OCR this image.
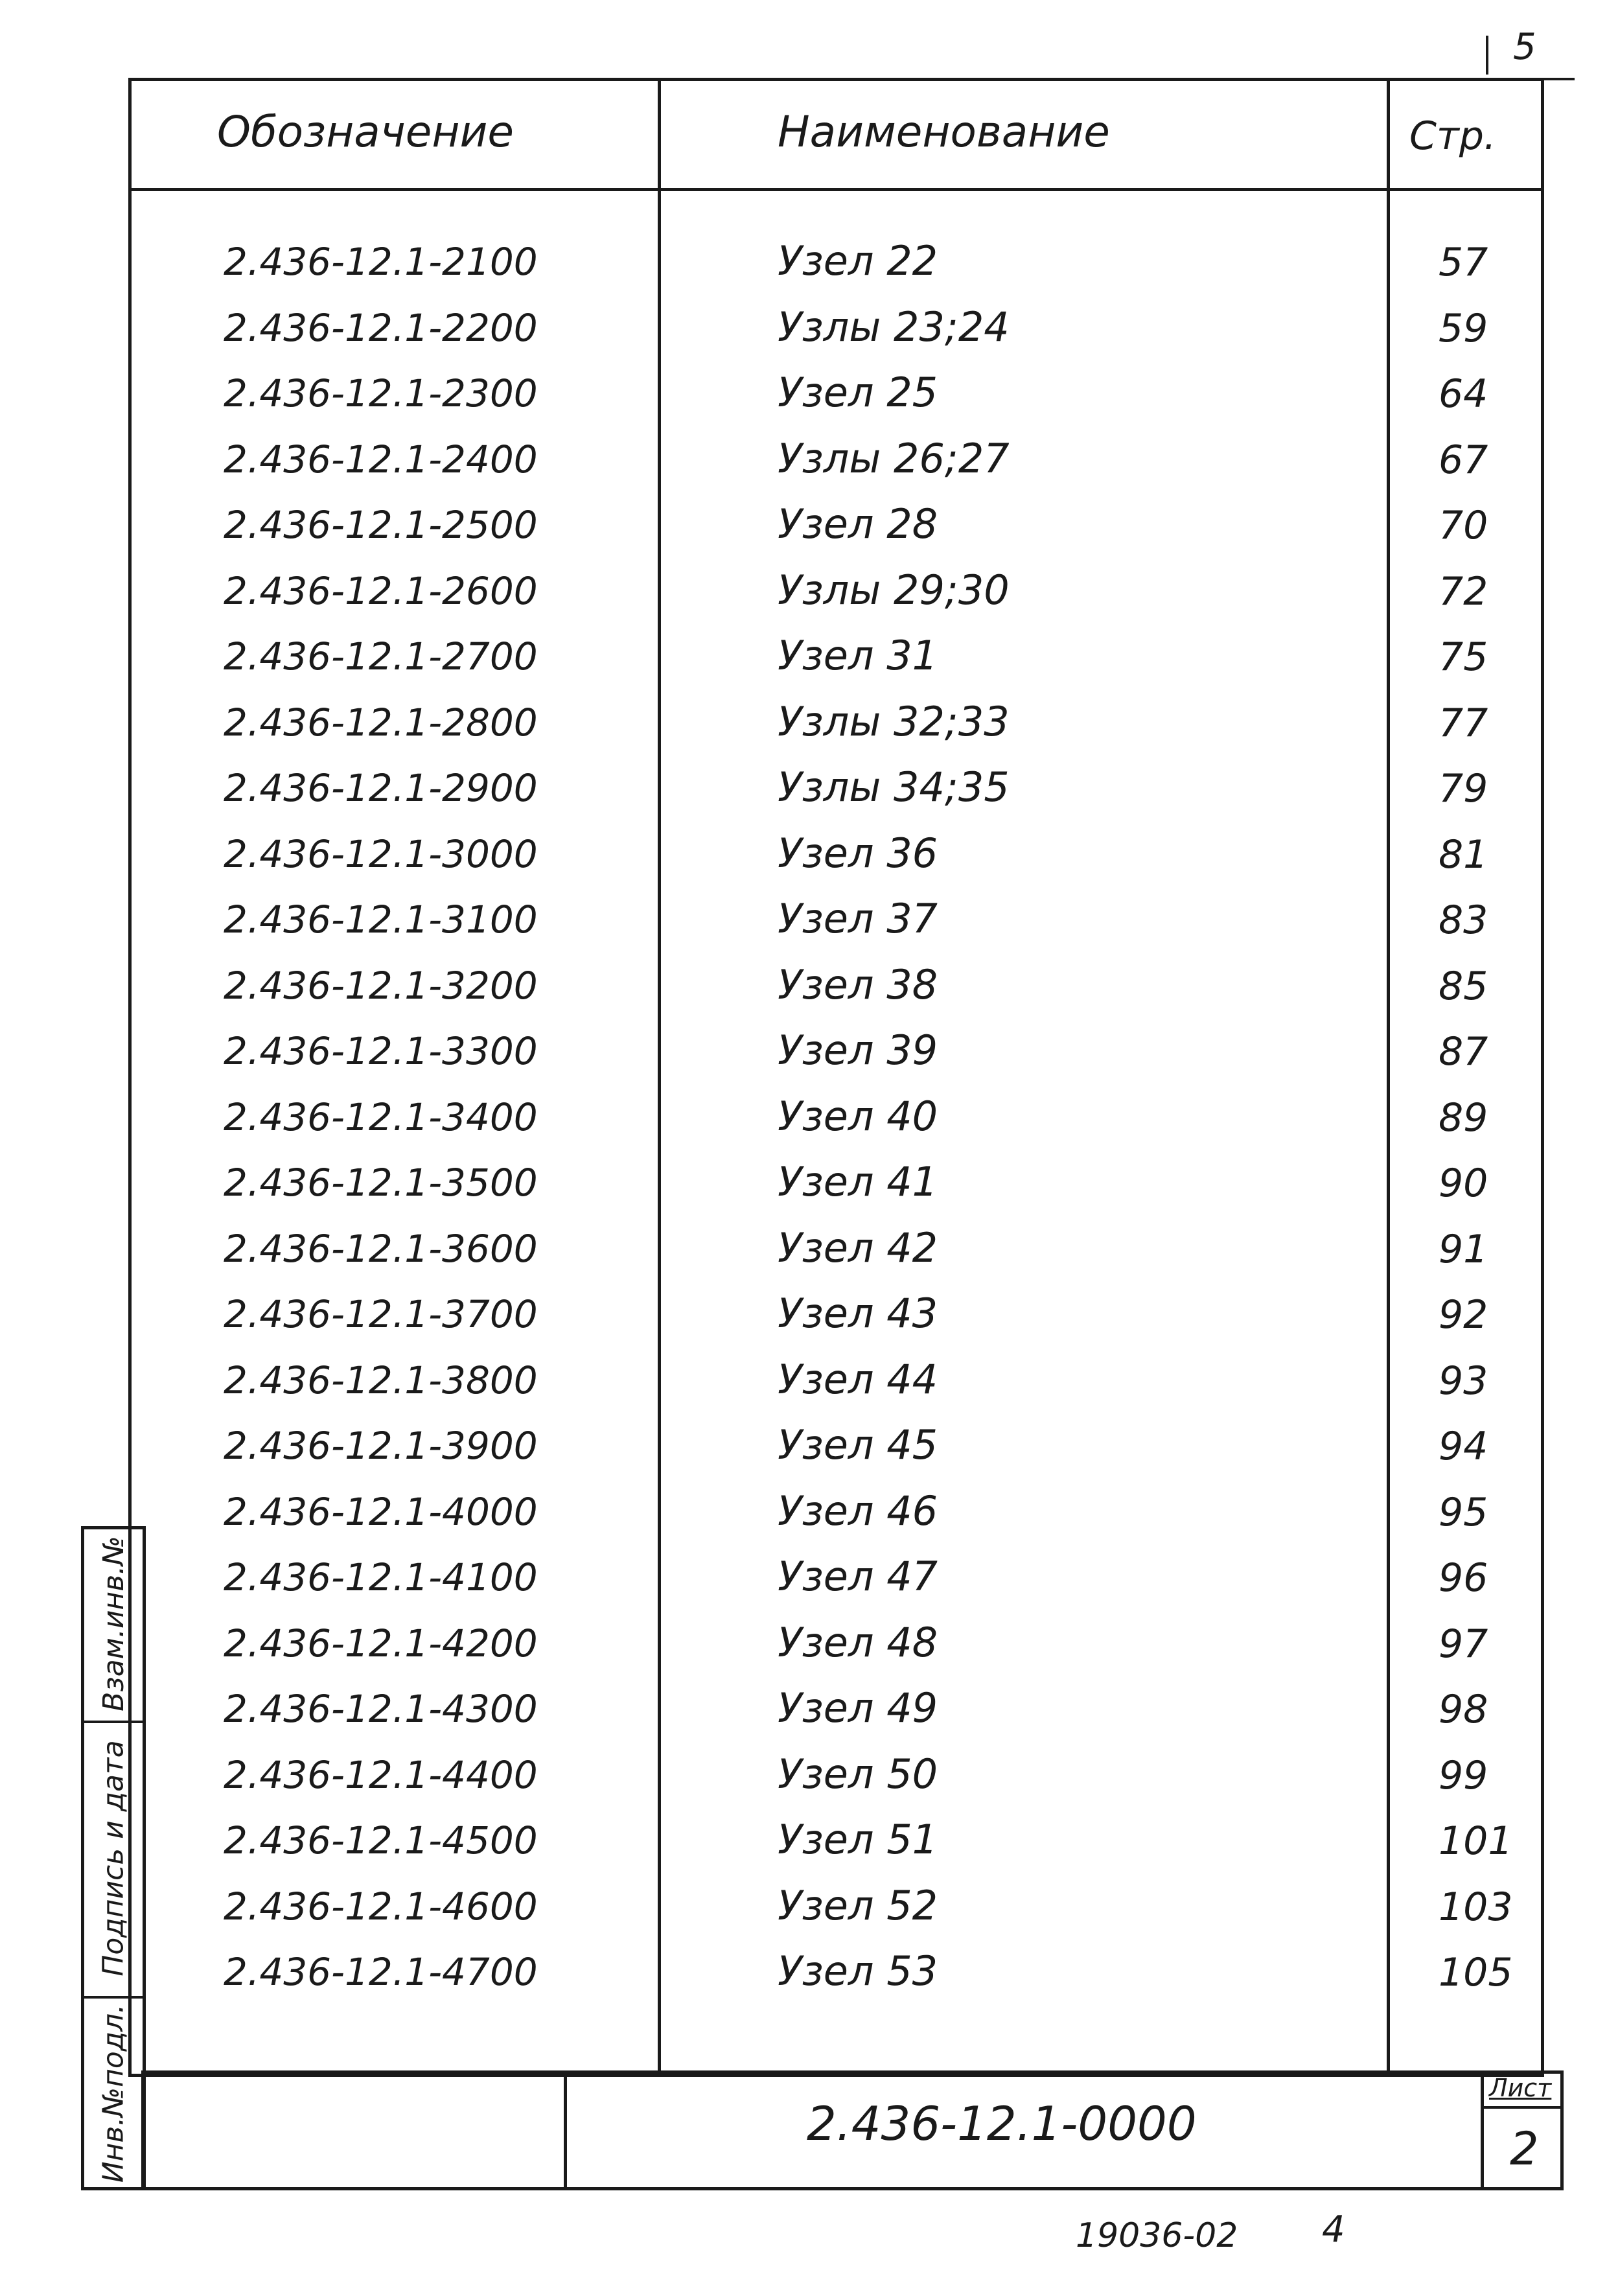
5
Обозначение	Наименование	Стр.
2.436-12.1-2100	Узел 22	57
2.436-12.1-2200	Узлы 23;24	59
2.436-12.1-2300	Узел 25	64
2.436-12.1-2400	Узлы 26;27	67
2.436-12.1-2500	Узел 28	70
2.436-12.1-2600	Узлы 29;30	72
2.436-12.1-2700	Узел 31	75
2.436-12.1-2800	Узлы 32;33	77
2.436-12.1-2900	Узлы 34;35	79
2.436-12.1-3000	Узел 36	81
2.436-12.1-3100	Узел 37	83
2.436-12.1-3200	Узел 38	85
2.436-12.1-3300	Узел 39	87
2.436-12.1-3400	Узел 40	89
2.436-12.1-3500	Узел 41	90
2.436-12.1-3600	Узел 42	91
2.436-12.1-3700	Узел 43	92
2.436-12.1-3800	Узел 44	93
2.436-12.1-3900	Узел 45	94
2.436-12.1-4000	Узел 46	95
2.436-12.1-4100	Узел 47	96
2.436-12.1-4200	Узел 48	97
2.436-12.1-4300	Узел 49	98
2.436-12.1-4400	Узел 50	99
2.436-12.1-4500	Узел 51	101
2.436-12.1-4600	Узел 52	103
2.436-12.1-4700	Узел 53	105
2.436-12.1-0000
Лист
2
Взам.инв.№
Подпись и дата
Инв.№подл.
19036-02 4
